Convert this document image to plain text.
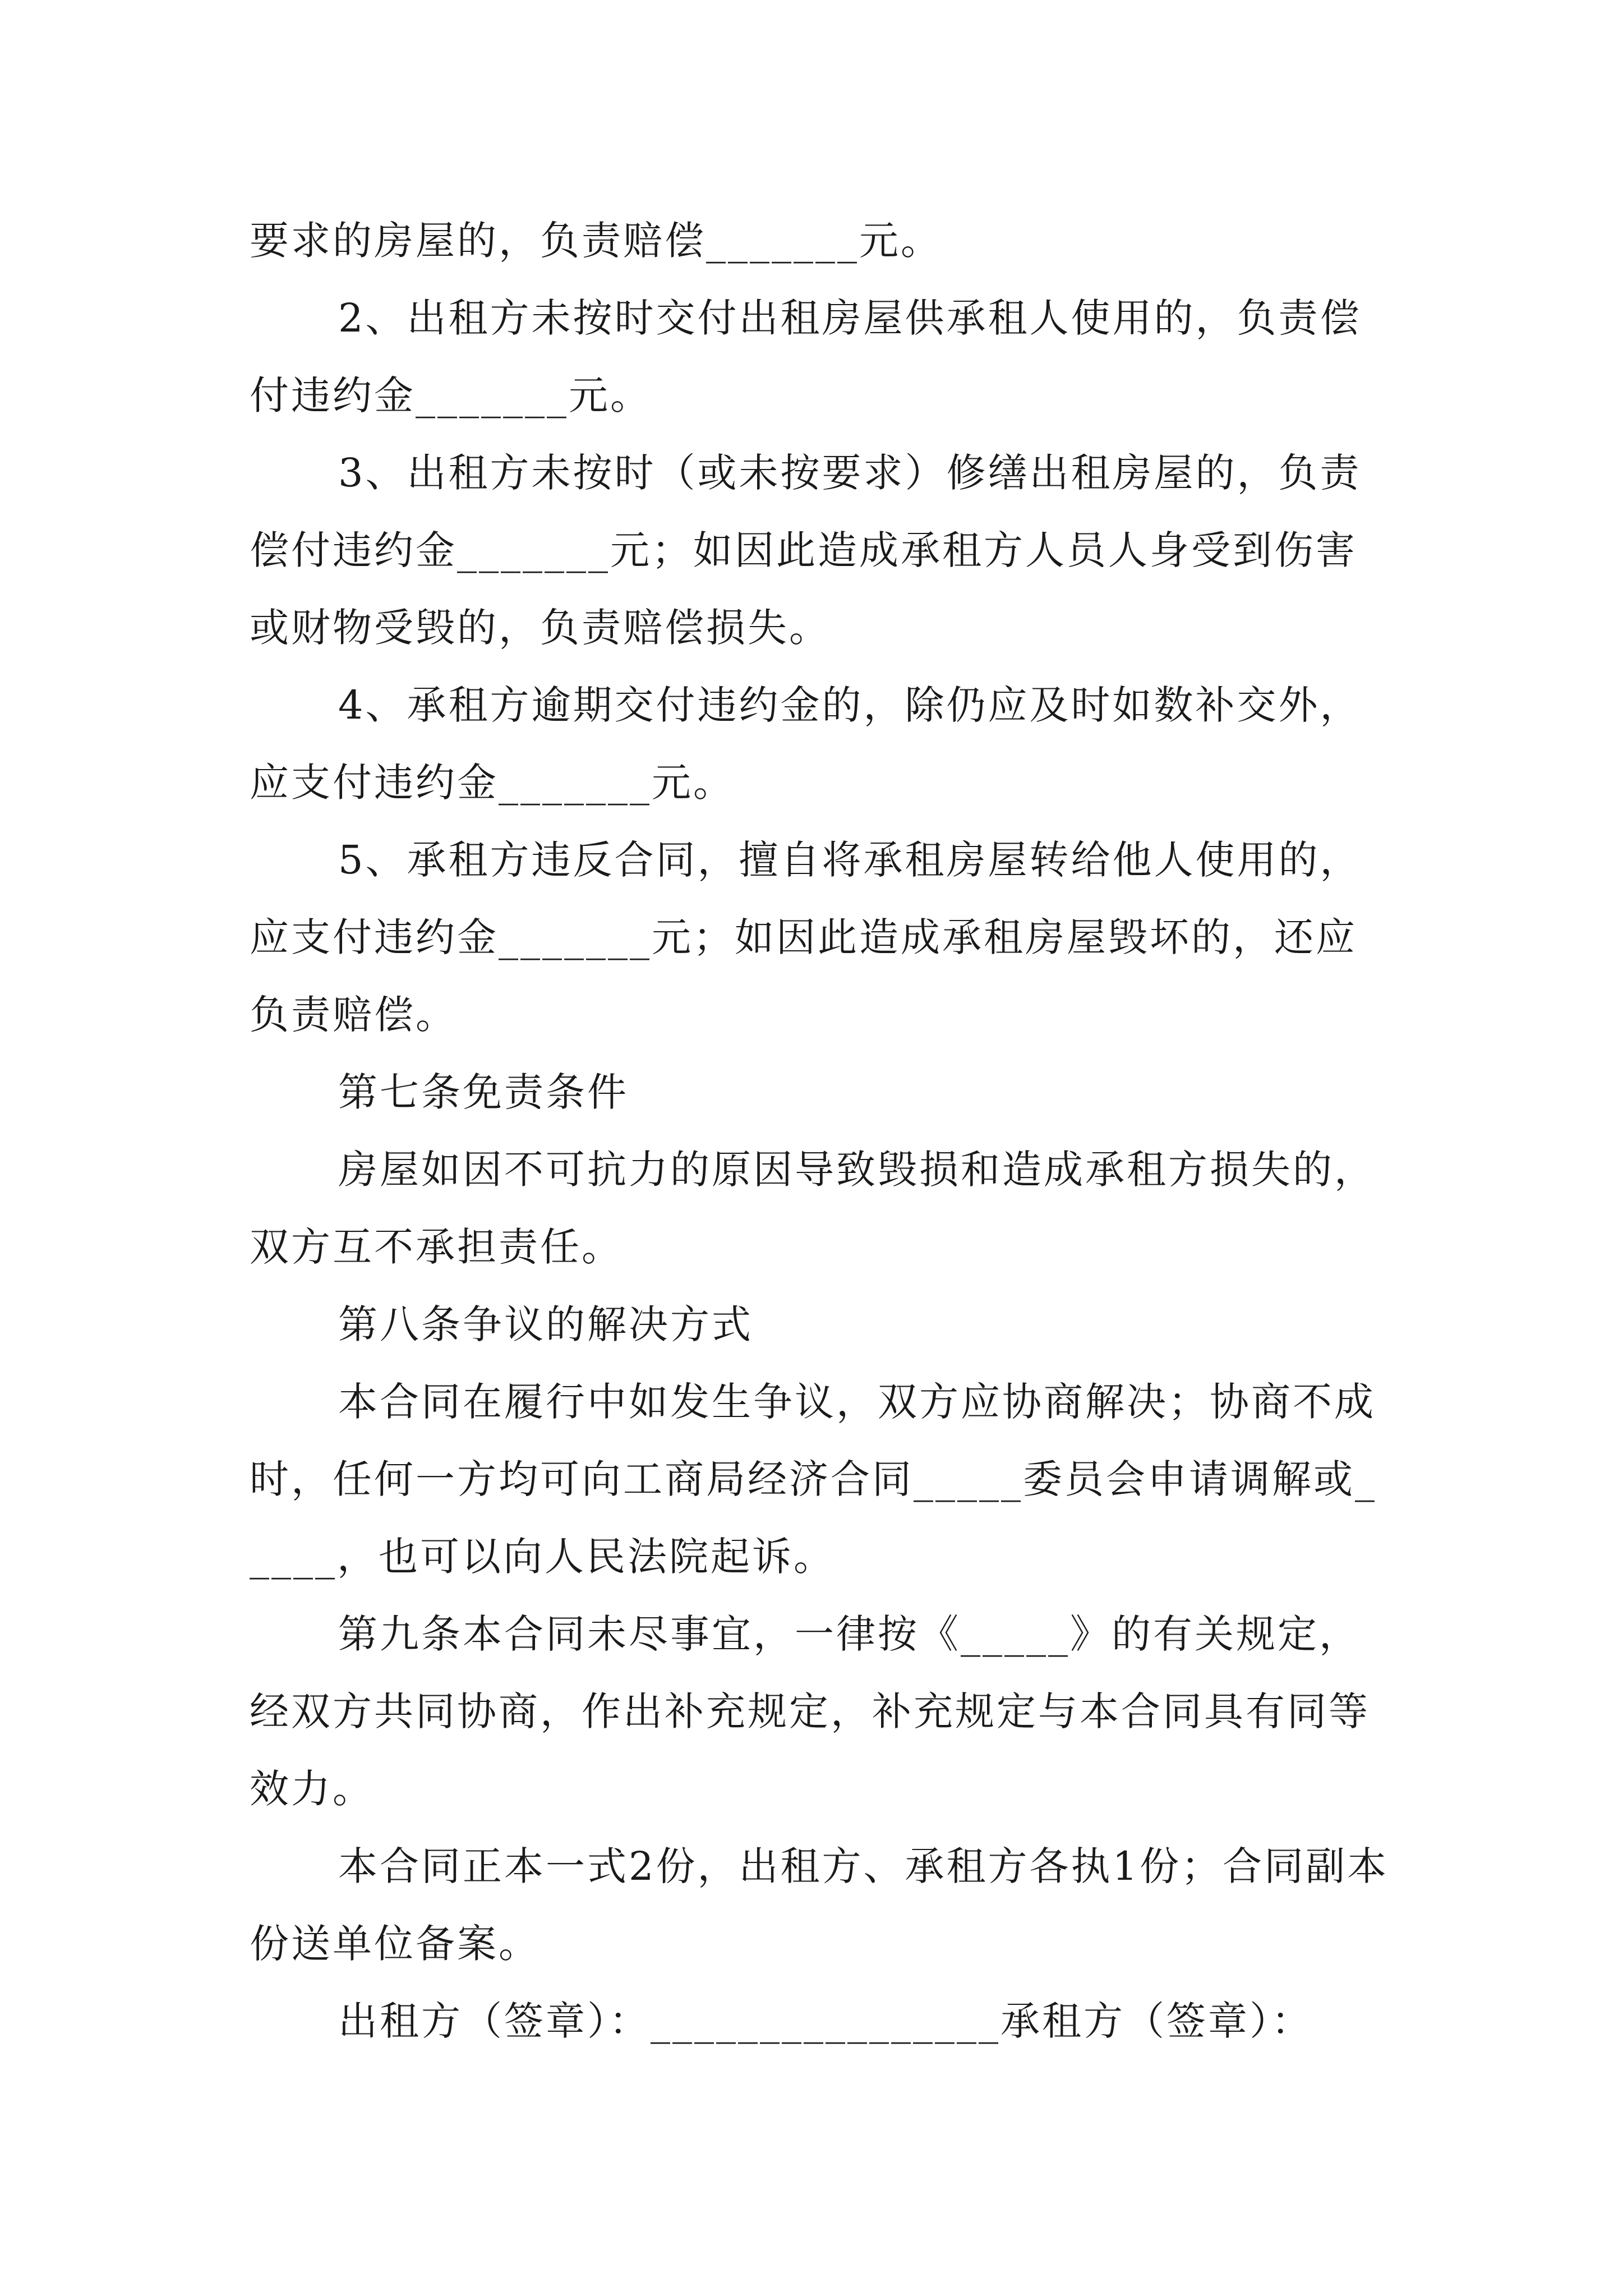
要求的房屋的，负责赔偿_______元。

2、出租方未按时交付出租房屋供承租人使用的，负责偿付违约金_______元。

3、出租方未按时（或未按要求）修缮出租房屋的，负责偿付违约金_______元；如因此造成承租方人员人身受到伤害或财物受毁的，负责赔偿损失。

4、承租方逾期交付违约金的，除仍应及时如数补交外，应支付违约金_______元。

5、承租方违反合同，擅自将承租房屋转给他人使用的，应支付违约金_______元；如因此造成承租房屋毁坏的，还应负责赔偿。

第七条免责条件

房屋如因不可抗力的原因导致毁损和造成承租方损失的，双方互不承担责任。

第八条争议的解决方式

本合同在履行中如发生争议，双方应协商解决；协商不成时，任何一方均可向工商局经济合同_____委员会申请调解或_____，也可以向人民法院起诉。

第九条本合同未尽事宜，一律按《_____》的有关规定，经双方共同协商，作出补充规定，补充规定与本合同具有同等效力。

本合同正本一式2份，出租方、承租方各执1份；合同副本份送单位备案。

出租方（签章）：________________承租方（签章）：
